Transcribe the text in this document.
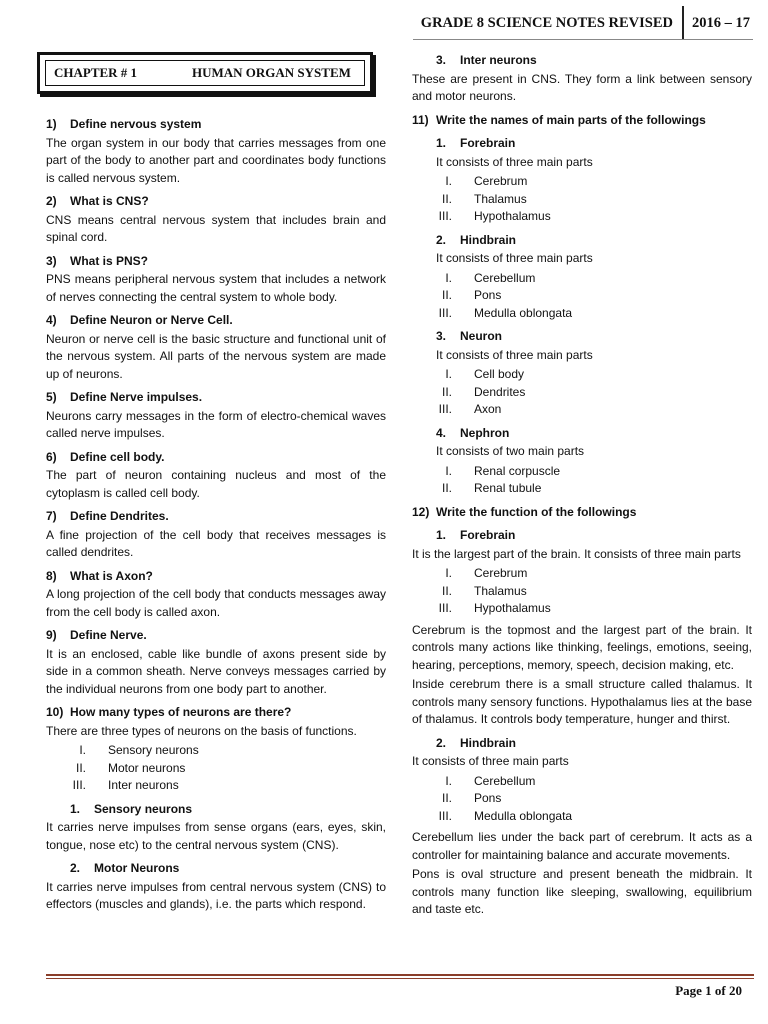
GRADE 8 SCIENCE NOTES REVISED	2016 – 17
CHAPTER # 1	HUMAN ORGAN SYSTEM
1) Define nervous system

The organ system in our body that carries messages from one part of the body to another part and coordinates body functions is called nervous system.

2) What is CNS?

CNS means central nervous system that includes brain and spinal cord.

3) What is PNS?

PNS means peripheral nervous system that includes a network of nerves connecting the central system to whole body.

4) Define Neuron or Nerve Cell.

Neuron or nerve cell is the basic structure and functional unit of the nervous system. All parts of the nervous system are made up of neurons.

5) Define Nerve impulses.

Neurons carry messages in the form of electro-chemical waves called nerve impulses.

6) Define cell body.

The part of neuron containing nucleus and most of the cytoplasm is called cell body.

7) Define Dendrites.

A fine projection of the cell body that receives messages is called dendrites.

8) What is Axon?

A long projection of the cell body that conducts messages away from the cell body is called axon.

9) Define Nerve.

It is an enclosed, cable like bundle of axons present side by side in a common sheath. Nerve conveys messages carried by the individual neurons from one body part to another.

10) How many types of neurons are there?

There are three types of neurons on the basis of functions.

I.	Sensory neurons
II.	Motor neurons
III.	Inter neurons
1. Sensory neurons

It carries nerve impulses from sense organs (ears, eyes, skin, tongue, nose etc) to the central nervous system (CNS).

2. Motor Neurons

It carries nerve impulses from central nervous system (CNS) to effectors (muscles and glands), i.e. the parts which respond.

3. Inter neurons

These are present in CNS. They form a link between sensory and motor neurons.

11) Write the names of main parts of the followings
1. Forebrain

It consists of three main parts

I.	Cerebrum
II.	Thalamus
III.	Hypothalamus
2. Hindbrain

It consists of three main parts

I.	Cerebellum
II.	Pons
III.	Medulla oblongata
3. Neuron

It consists of three main parts

I.	Cell body
II.	Dendrites
III.	Axon
4. Nephron

It consists of two main parts

I.	Renal corpuscle
II.	Renal tubule
12) Write the function of the followings
1. Forebrain

It is the largest part of the brain. It consists of three main parts

I.	Cerebrum
II.	Thalamus
III.	Hypothalamus

Cerebrum is the topmost and the largest part of the brain. It controls many actions like thinking, feelings, emotions, seeing, hearing, perceptions, memory, speech, decision making, etc.

Inside cerebrum there is a small structure called thalamus. It controls many sensory functions. Hypothalamus lies at the base of thalamus. It controls body temperature, hunger and thirst.

2. Hindbrain

It consists of three main parts

I.	Cerebellum
II.	Pons
III.	Medulla oblongata

Cerebellum lies under the back part of cerebrum. It acts as a controller for maintaining balance and accurate movements.

Pons is oval structure and present beneath the midbrain. It controls many function like sleeping, swallowing, equilibrium and taste etc.

Page 1 of 20
